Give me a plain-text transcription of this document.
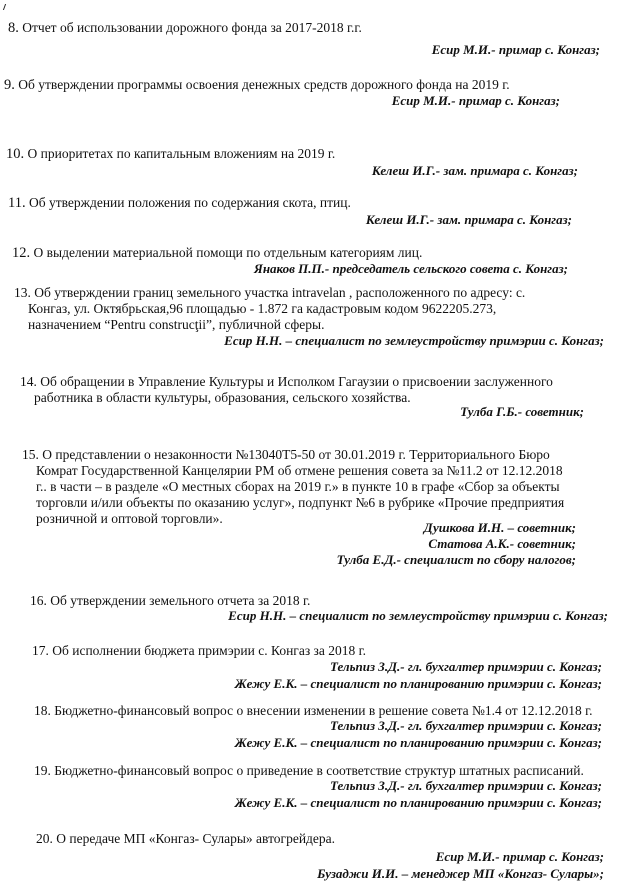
8. Отчет об использовании дорожного фонда за 2017-2018 г.г.
Есир М.И.- примар с. Конгаз;
9. Об утверждении программы освоения денежных средств дорожного фонда на 2019 г.
Есир М.И.- примар с. Конгаз;
10. О приоритетах по капитальным вложениям на 2019 г.
Келеш И.Г.- зам. примара с. Конгаз;
11. Об утверждении положения по содержания скота, птиц.
Келеш И.Г.- зам. примара с. Конгаз;
12. О выделении материальной помощи по отдельным категориям лиц.
Янаков П.П.- председатель сельского совета с. Конгаз;
13. Об утверждении границ земельного участка intravelan , расположенного по адресу: с.
Конгаз, ул. Октябрьская,96 площадью - 1.872 га кадастровым кодом 9622205.273,
назначением “Pentru construcţii”, публичной сферы.
Есир Н.Н. – специалист по землеустройству примэрии с. Конгаз;
14. Об обращении в Управление Культуры и Исполком Гагаузии о присвоении заслуженного
работника в области культуры, образования, сельского хозяйства.
Тулба Г.Б.- советник;
15. О представлении о незаконности №13040Т5-50 от 30.01.2019 г. Территориального Бюро
Комрат Государственной Канцелярии РМ об отмене решения совета за №11.2 от 12.12.2018
г.. в части – в разделе «О местных сборах на 2019 г.» в пункте 10 в графе «Сбор за объекты
торговли и/или объекты по оказанию услуг», подпункт №6 в рубрике «Прочие предприятия
розничной и оптовой торговли».
Душкова И.Н. – советник;
Статова А.К.- советник;
Тулба Е.Д.- специалист по сбору налогов;
16. Об утверждении земельного отчета за 2018 г.
Есир Н.Н. – специалист по землеустройству примэрии с. Конгаз;
17. Об исполнении бюджета примэрии с. Конгаз за 2018 г.
Тельпиз З.Д.- гл. бухгалтер примэрии с. Конгаз;
Жежу Е.К. – специалист по планированию примэрии с. Конгаз;
18. Бюджетно-финансовый вопрос о внесении изменении в решение совета №1.4 от 12.12.2018 г.
Тельпиз З.Д.- гл. бухгалтер примэрии с. Конгаз;
Жежу Е.К. – специалист по планированию примэрии с. Конгаз;
19. Бюджетно-финансовый вопрос о приведение в соответствие структур штатных расписаний.
Тельпиз З.Д.- гл. бухгалтер примэрии с. Конгаз;
Жежу Е.К. – специалист по планированию примэрии с. Конгаз;
20. О передаче МП «Конгаз- Сулары» автогрейдера.
Есир М.И.- примар с. Конгаз;
Бузаджи И.И. – менеджер МП «Конгаз- Сулары»;
